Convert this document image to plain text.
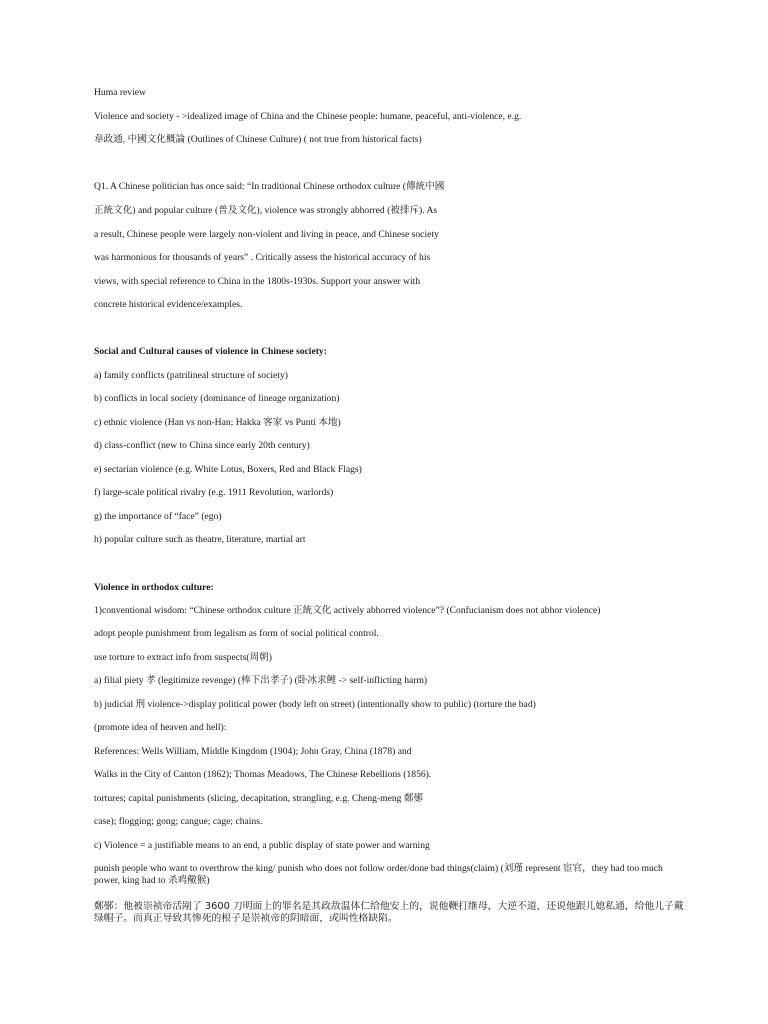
Huma review
Violence and society - >idealized image of China and the Chinese people: humane, peaceful, anti-violence, e.g.
韋政通, 中國文化概論 (Outlines of Chinese Culture) ( not true from historical facts)
Q1. A Chinese politician has once said: “In traditional Chinese orthodox culture (傳統中國
正統文化) and popular culture (普及文化), violence was strongly abhorred (被排斥). As
a result, Chinese people were largely non-violent and living in peace, and Chinese society
was harmonious for thousands of years” . Critically assess the historical accuracy of his
views, with special reference to China in the 1800s-1930s. Support your answer with
concrete historical evidence/examples.
Social and Cultural causes of violence in Chinese society:
a) family conflicts (patrilineal structure of society)
b) conflicts in local society (dominance of lineage organization)
c) ethnic violence (Han vs non-Han; Hakka 客家 vs Punti 本地)
d) class-conflict (new to China since early 20th century)
e) sectarian violence (e.g. White Lotus, Boxers, Red and Black Flags)
f) large-scale political rivalry (e.g. 1911 Revolution, warlords)
g) the importance of “face” (ego)
h) popular culture such as theatre, literature, martial art
Violence in orthodox culture:
1)conventional wisdom: “Chinese orthodox culture 正統文化 actively abhorred violence”? (Confucianism does not abhor violence)
adopt people punishment from legalism as form of social political control.
use torture to extract info from suspects(周朝)
a) filial piety 孝 (legitimize revenge) (棒下出孝子) (卧冰求鲤 -> self-inflicting harm)
b) judicial 刑 violence->display political power (body left on street) (intentionally show to public) (torture the bad)
(promote idea of heaven and hell):
References: Wells William, Middle Kingdom (1904); John Gray, China (1878) and
Walks in the City of Canton (1862); Thomas Meadows, The Chinese Rebellions (1856).
tortures; capital punishments (slicing, decapitation, strangling, e.g. Cheng-meng 鄭鄤
case); flogging; gong; cangue; cage; chains.
c) Violence = a justifiable means to an end, a public display of state power and warning
punish people who want to overthrow the king/ punish who does not follow order/done bad things(claim) (刘瑾 represent 宦官，they had too much power, king had to 杀鸡儆猴)
鄭鄤：他被崇祯帝活剐了 3600 刀明面上的罪名是其政敌温体仁给他安上的，说他鞭打继母，大逆不道，还说他跟儿媳私通，给他儿子戴绿帽子。而真正导致其惨死的根子是崇祯帝的阴暗面，或叫性格缺陷。
